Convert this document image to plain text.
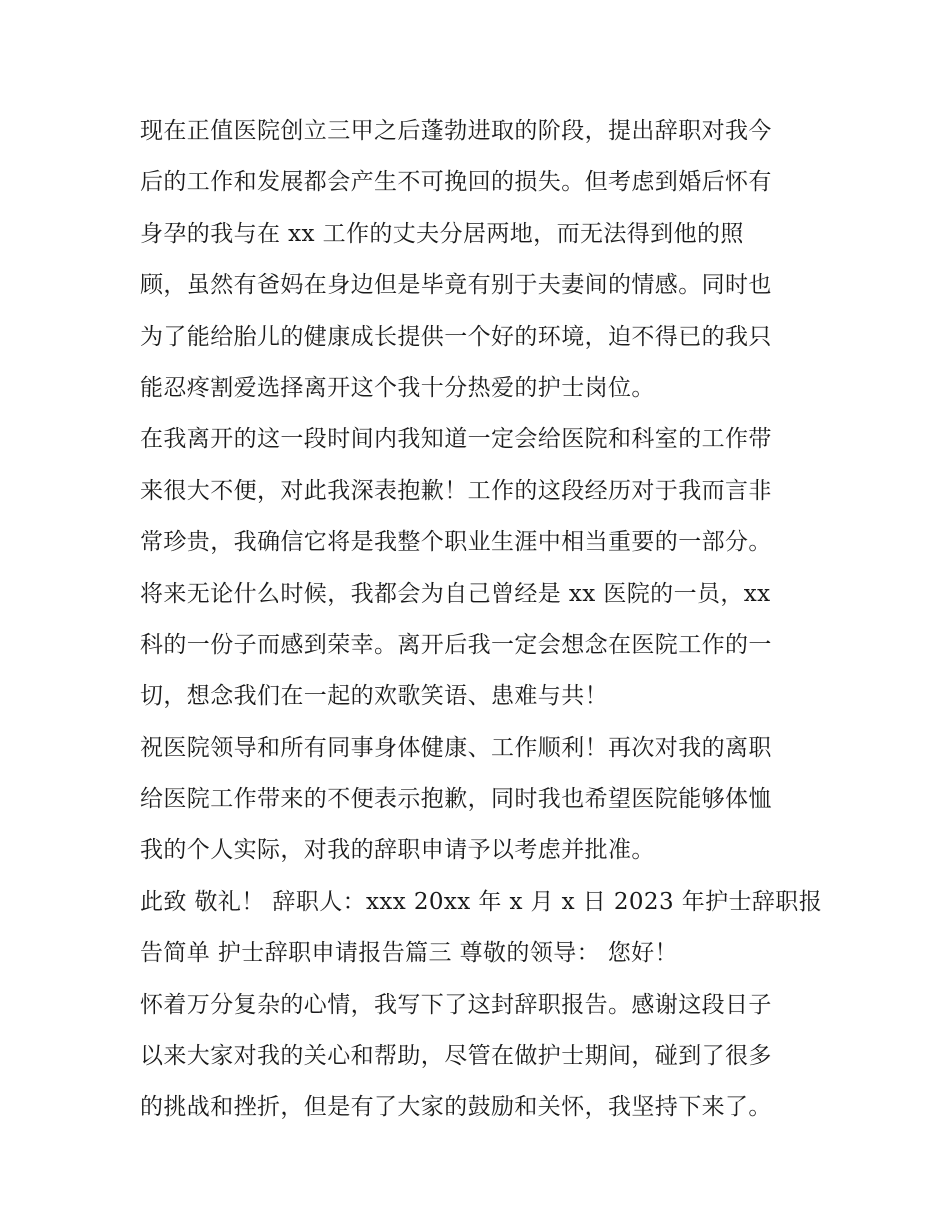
现在正值医院创立三甲之后蓬勃进取的阶段，提出辞职对我今
后的工作和发展都会产生不可挽回的损失。但考虑到婚后怀有
身孕的我与在 xx 工作的丈夫分居两地，而无法得到他的照
顾，虽然有爸妈在身边但是毕竟有别于夫妻间的情感。同时也
为了能给胎儿的健康成长提供一个好的环境，迫不得已的我只
能忍疼割爱选择离开这个我十分热爱的护士岗位。
在我离开的这一段时间内我知道一定会给医院和科室的工作带
来很大不便，对此我深表抱歉！工作的这段经历对于我而言非
常珍贵，我确信它将是我整个职业生涯中相当重要的一部分。
将来无论什么时候，我都会为自己曾经是 xx 医院的一员，xx
科的一份子而感到荣幸。离开后我一定会想念在医院工作的一
切，想念我们在一起的欢歌笑语、患难与共！
祝医院领导和所有同事身体健康、工作顺利！再次对我的离职
给医院工作带来的不便表示抱歉，同时我也希望医院能够体恤
我的个人实际，对我的辞职申请予以考虑并批准。
此致 敬礼！ 辞职人：xxx 20xx 年 x 月 x 日 2023 年护士辞职报
告简单 护士辞职申请报告篇三 尊敬的领导： 您好！
怀着万分复杂的心情，我写下了这封辞职报告。感谢这段日子
以来大家对我的关心和帮助，尽管在做护士期间，碰到了很多
的挑战和挫折，但是有了大家的鼓励和关怀，我坚持下来了。
